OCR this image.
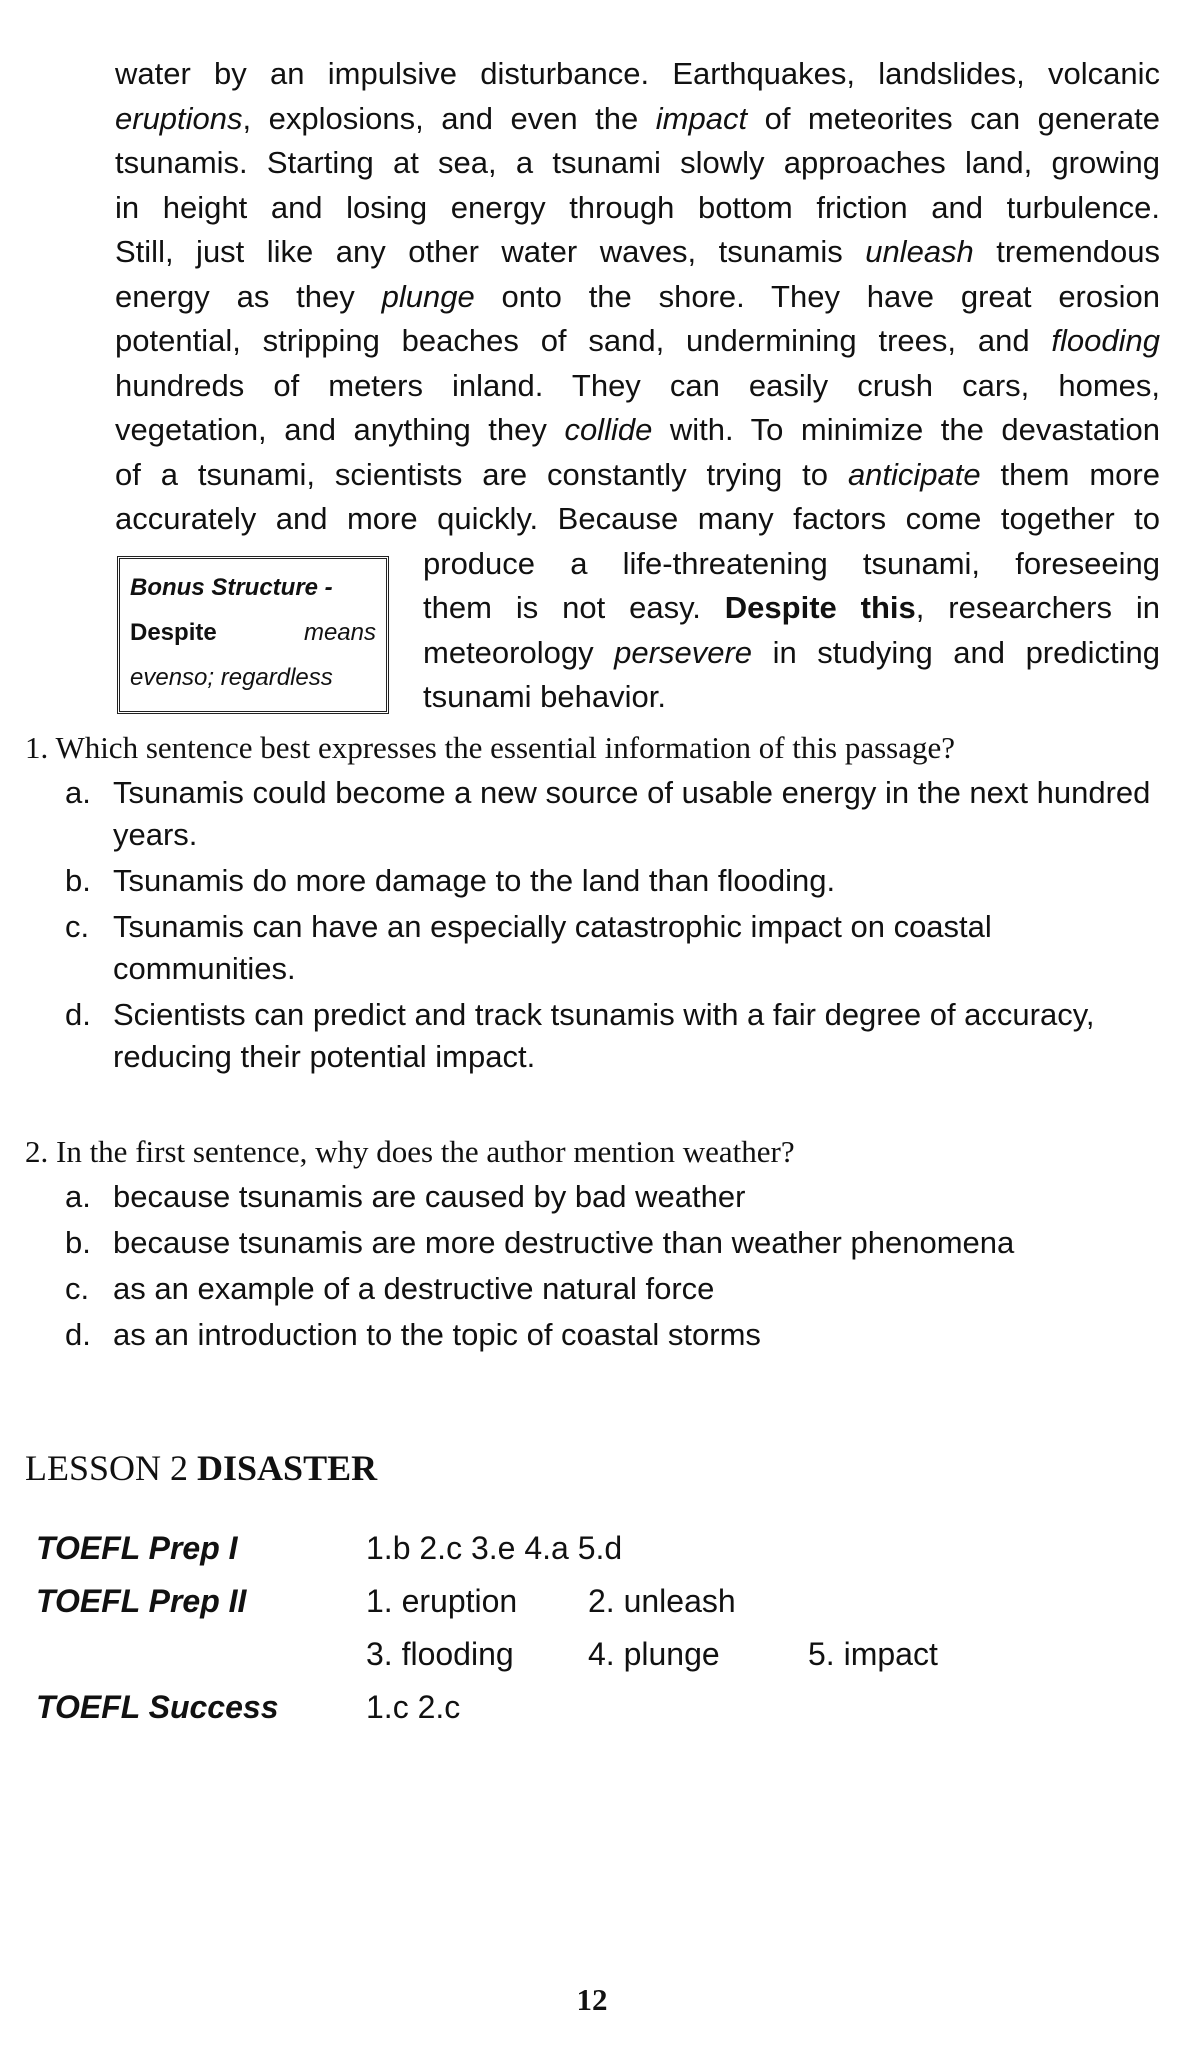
water by an impulsive disturbance. Earthquakes, landslides, volcanic
eruptions, explosions, and even the impact of meteorites can generate
tsunamis. Starting at sea, a tsunami slowly approaches land, growing
in height and losing energy through bottom friction and turbulence.
Still, just like any other water waves, tsunamis unleash tremendous
energy as they plunge onto the shore. They have great erosion
potential, stripping beaches of sand, undermining trees, and flooding
hundreds of meters inland. They can easily crush cars, homes,
vegetation, and anything they collide with. To minimize the devastation
of a tsunami, scientists are constantly trying to anticipate them more
accurately and more quickly. Because many factors come together to
Bonus Structure -
Despite	means
evenso; regardless
produce a life-threatening tsunami, foreseeing
them is not easy. Despite this, researchers in
meteorology persevere in studying and predicting
tsunami behavior.
1. Which sentence best expresses the essential information of this passage?
a. Tsunamis could become a new source of usable energy in the next hundred years.
b. Tsunamis do more damage to the land than flooding.
c. Tsunamis can have an especially catastrophic impact on coastal communities.
d. Scientists can predict and track tsunamis with a fair degree of accuracy, reducing their potential impact.
2. In the first sentence, why does the author mention weather?
a. because tsunamis are caused by bad weather
b. because tsunamis are more destructive than weather phenomena
c. as an example of a destructive natural force
d. as an introduction to the topic of coastal storms
LESSON 2 DISASTER
TOEFL Prep I	1.b 2.c 3.e 4.a 5.d
TOEFL Prep II	1. eruption 2. unleash
3. flooding 4. plunge	5. impact
TOEFL Success	1.c 2.c
12
